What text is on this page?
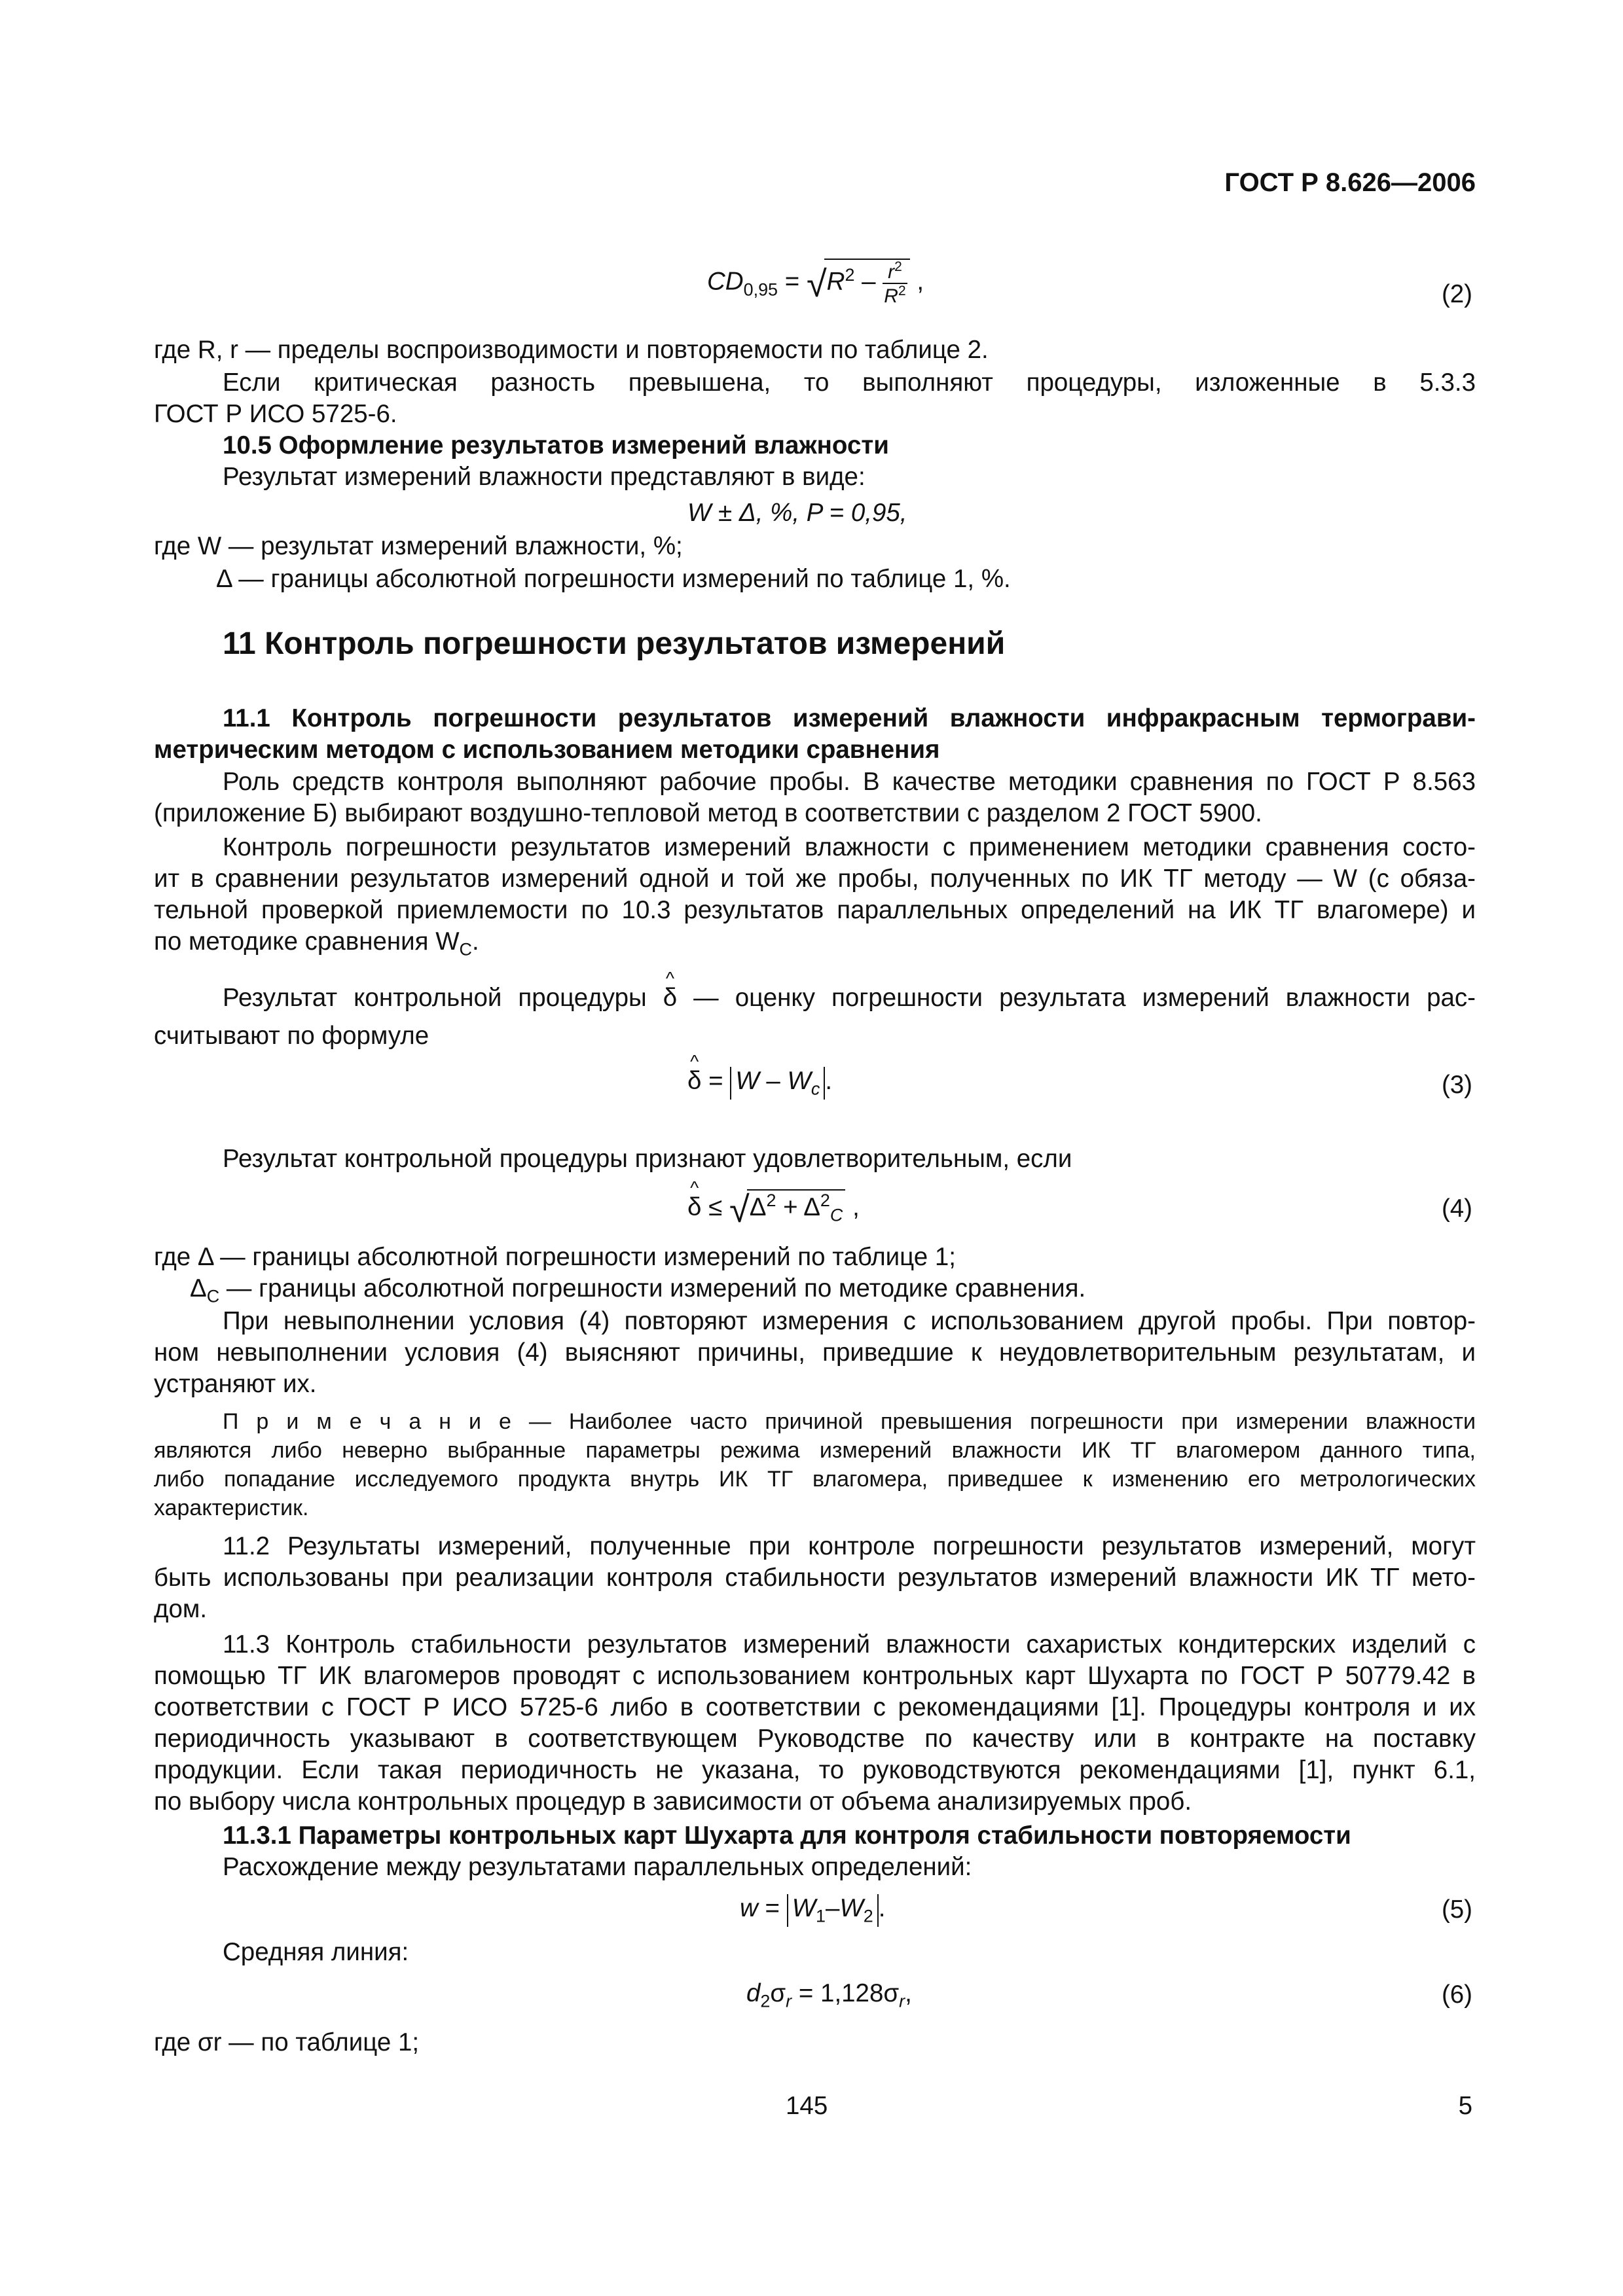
ГОСТ Р 8.626—2006
$CD_{0,95} = √R^2 - \frac{r^2}{R^2}$ ,	(2)
где R, r — пределы воспроизводимости и повторяемости по таблице 2.
Если критическая разность превышена, то выполняют процедуры, изложенные в 5.3.3
ГОСТ Р ИСО 5725-6.
10.5 Оформление результатов измерений влажности
Результат измерений влажности представляют в виде:
W ± Δ, %, P = 0,95,
где W — результат измерений влажности, %;
Δ — границы абсолютной погрешности измерений по таблице 1, %.
11 Контроль погрешности результатов измерений
11.1 Контроль погрешности результатов измерений влажности инфракрасным термограви-
метрическим методом с использованием методики сравнения
Роль средств контроля выполняют рабочие пробы. В качестве методики сравнения по ГОСТ Р 8.563
(приложение Б) выбирают воздушно-тепловой метод в соответствии с разделом 2 ГОСТ 5900.
Контроль погрешности результатов измерений влажности с применением методики сравнения состо-
ит в сравнении результатов измерений одной и той же пробы, полученных по ИК ТГ методу — W (с обяза-
тельной проверкой приемлемости по 10.3 результатов параллельных определений на ИК ТГ влагомере) и
по методике сравнения $W_С$.
Результат контрольной процедуры ^ δ — оценку погрешности результата измерений влажности рас-
считывают по формуле
^ $\delta = W - W_c$ .	(3)
Результат контрольной процедуры признают удовлетворительным, если
^ $\delta \le √\Delta^2 + \Delta^2_C$ ,	(4)
где Δ — границы абсолютной погрешности измерений по таблице 1;
$\Delta_С$ — границы абсолютной погрешности измерений по методике сравнения.
При невыполнении условия (4) повторяют измерения с использованием другой пробы. При повтор-
ном невыполнении условия (4) выясняют причины, приведшие к неудовлетворительным результатам, и
устраняют их.
П р и м е ч а н и е — Наиболее часто причиной превышения погрешности при измерении влажности
являются либо неверно выбранные параметры режима измерений влажности ИК ТГ влагомером данного типа,
либо попадание исследуемого продукта внутрь ИК ТГ влагомера, приведшее к изменению его метрологических
характеристик.
11.2 Результаты измерений, полученные при контроле погрешности результатов измерений, могут
быть использованы при реализации контроля стабильности результатов измерений влажности ИК ТГ мето-
дом.
11.3 Контроль стабильности результатов измерений влажности сахаристых кондитерских изделий с
помощью ТГ ИК влагомеров проводят с использованием контрольных карт Шухарта по ГОСТ Р 50779.42 в
соответствии с ГОСТ Р ИСО 5725-6 либо в соответствии с рекомендациями [1]. Процедуры контроля и их
периодичность указывают в соответствующем Руководстве по качеству или в контракте на поставку
продукции. Если такая периодичность не указана, то руководствуются рекомендациями [1], пункт 6.1,
по выбору числа контрольных процедур в зависимости от объема анализируемых проб.
11.3.1 Параметры контрольных карт Шухарта для контроля стабильности повторяемости
Расхождение между результатами параллельных определений:
$w = W_1-W_2$ .	(5)
Средняя линия:
$d_2\sigma_r = 1,128\sigma_r$,	(6)
где σr — по таблице 1;
145	5
